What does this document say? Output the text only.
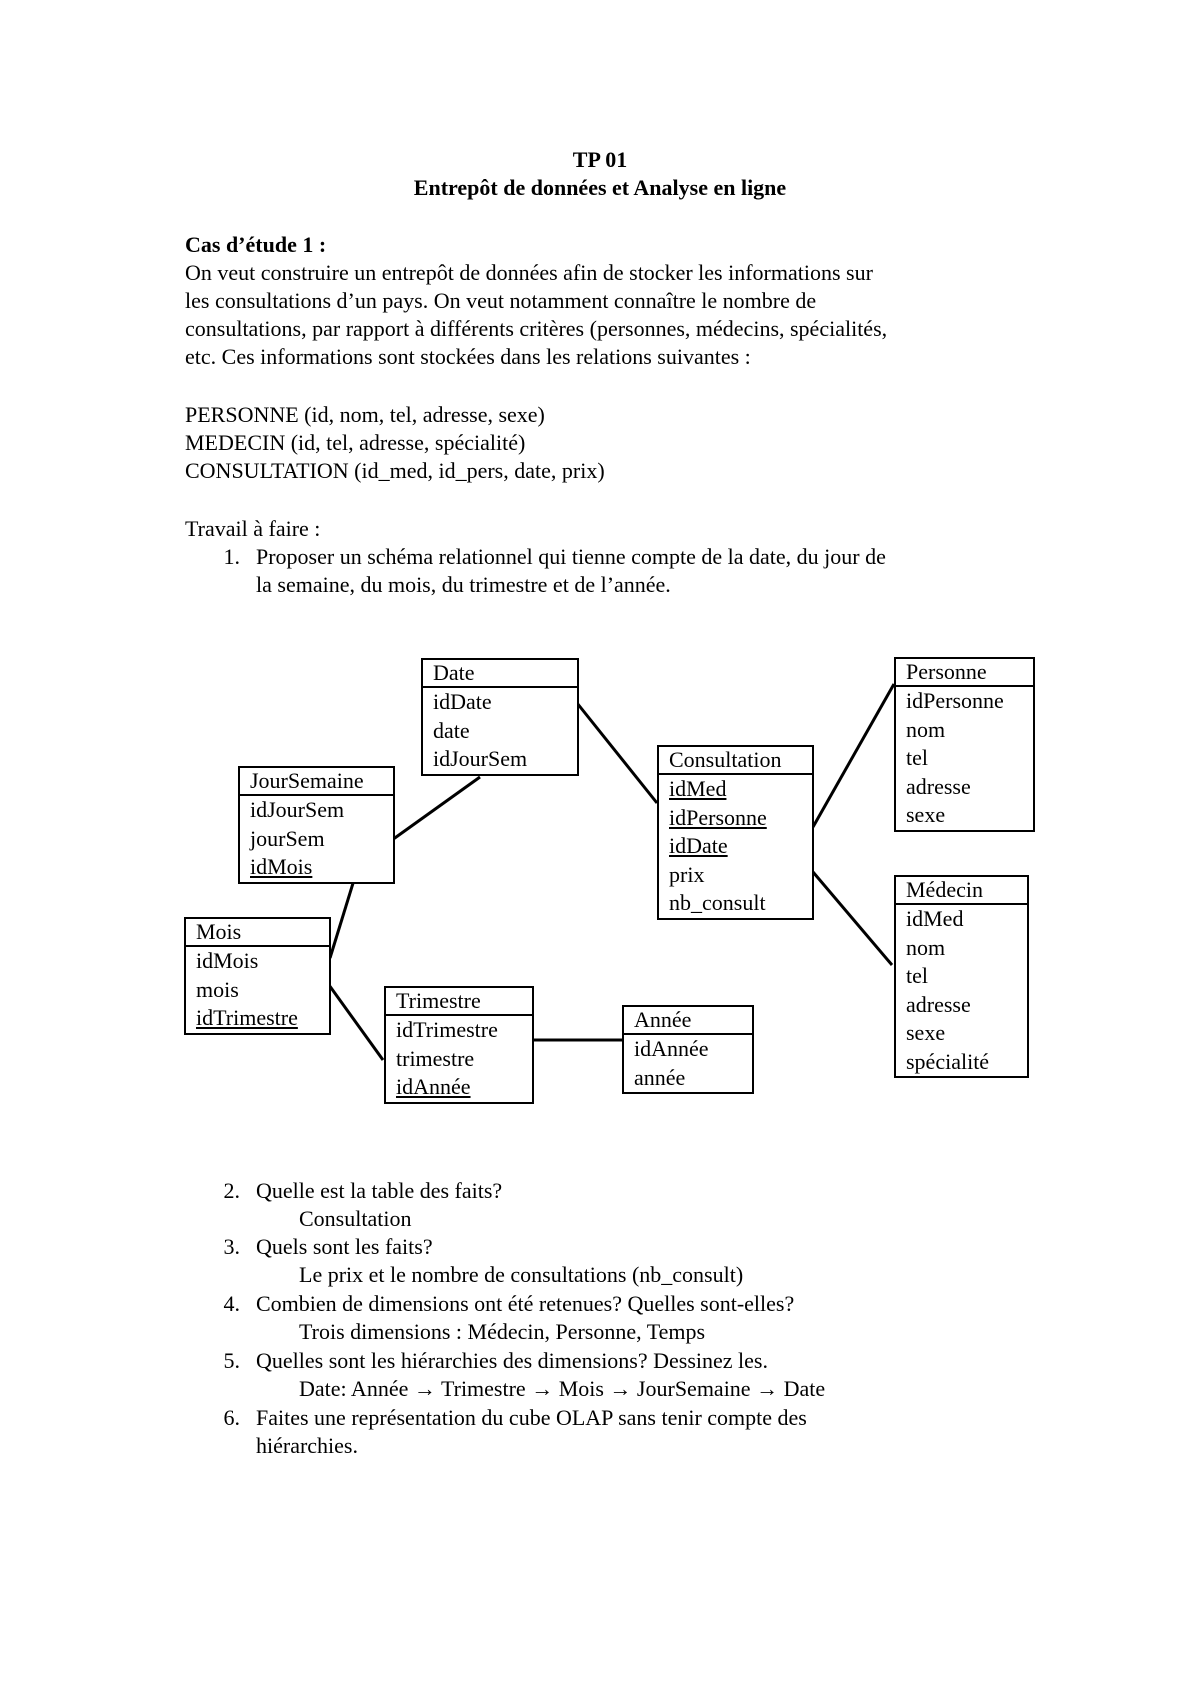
TP 01
Entrepôt de données et Analyse en ligne
Cas d’étude 1 :
On veut construire un entrepôt de données afin de stocker les informations sur
les consultations d’un pays. On veut notamment connaître le nombre de
consultations, par rapport à différents critères (personnes, médecins, spécialités,
etc. Ces informations sont stockées dans les relations suivantes :
PERSONNE (id, nom, tel, adresse, sexe)
MEDECIN (id, tel, adresse, spécialité)
CONSULTATION (id_med, id_pers, date, prix)
Travail à faire :
1. Proposer un schéma relationnel qui tienne compte de la date, du jour de
la semaine, du mois, du trimestre et de l’année.
Date
idDate
date
idJourSem
JourSemaine
idJourSem
jourSem
idMois
Mois
idMois
mois
idTrimestre
Trimestre
idTrimestre
trimestre
idAnnée
Année
idAnnée
année
Consultation
idMed
idPersonne
idDate
prix
nb_consult
Personne
idPersonne
nom
tel
adresse
sexe
Médecin
idMed
nom
tel
adresse
sexe
spécialité
2. Quelle est la table des faits?
Consultation
3. Quels sont les faits?
Le prix et le nombre de consultations (nb_consult)
4. Combien de dimensions ont été retenues? Quelles sont-elles?
Trois dimensions : Médecin, Personne, Temps
5. Quelles sont les hiérarchies des dimensions? Dessinez les.
Date: Année → Trimestre → Mois → JourSemaine → Date
6. Faites une représentation du cube OLAP sans tenir compte des
hiérarchies.
